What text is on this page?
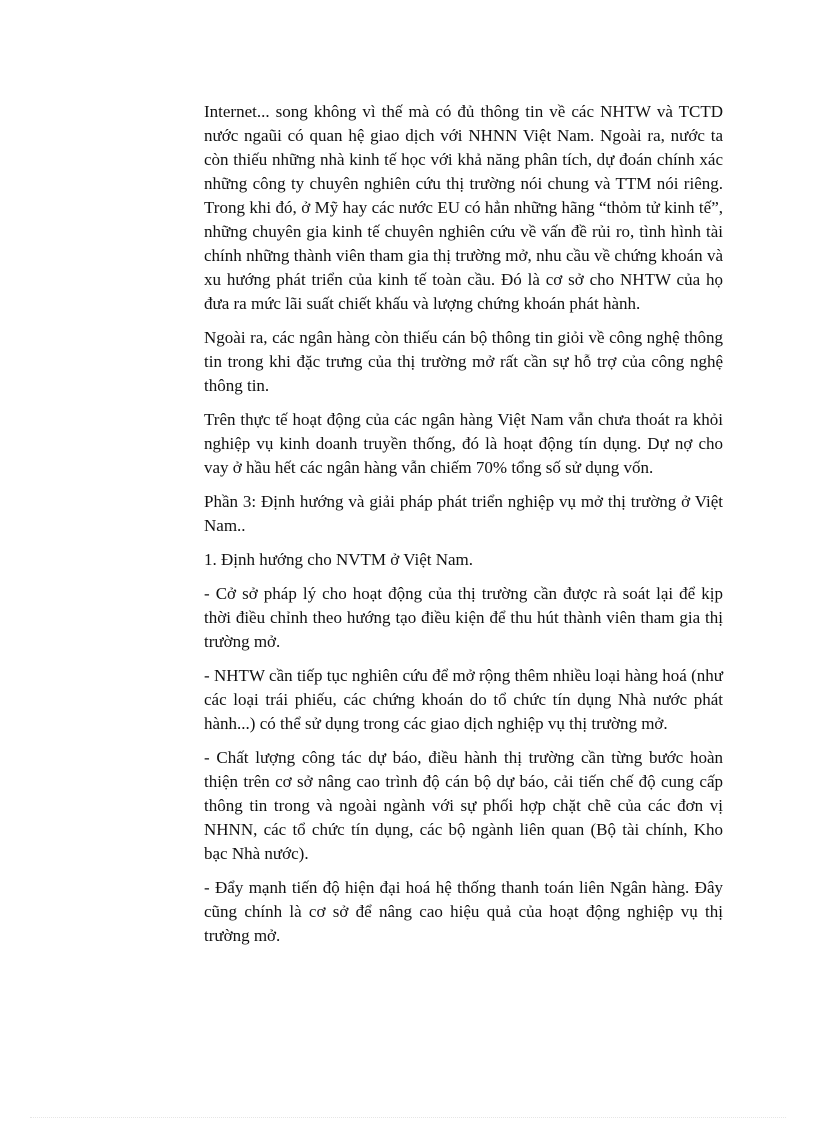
Internet... song không vì thế mà có đủ thông tin về các NHTW và TCTD nước ngaũi có quan hệ giao dịch với NHNN Việt Nam. Ngoài ra, nước ta còn thiếu những nhà kinh tế học với khả năng phân tích, dự đoán chính xác những công ty chuyên nghiên cứu thị trường nói chung và TTM nói riêng. Trong khi đó, ở Mỹ hay các nước EU có hẳn những hãng “thỏm tử kinh tế”, những chuyên gia kinh tế chuyên nghiên cứu về vấn đề rủi ro, tình hình tài chính những thành viên tham gia thị trường mở, nhu cầu về chứng khoán và xu hướng phát triển của kinh tế toàn cầu. Đó là cơ sở cho NHTW của họ đưa ra mức lãi suất chiết khấu và lượng chứng khoán phát hành.

Ngoài ra, các ngân hàng còn thiếu cán bộ thông tin giỏi về công nghệ thông tin trong khi đặc trưng của thị trường mở rất cần sự hỗ trợ của công nghệ thông tin.

Trên thực tế hoạt động của các ngân hàng Việt Nam vẫn chưa thoát ra khỏi nghiệp vụ kinh doanh truyền thống, đó là hoạt động tín dụng. Dự nợ cho vay ở hầu hết các ngân hàng vẫn chiếm 70% tổng số sử dụng vốn.

Phần 3: Định hướng và giải pháp phát triển nghiệp vụ mở thị trường ở Việt Nam..

1. Định hướng cho NVTM ở Việt Nam.

- Cở sở pháp lý cho hoạt động của thị trường cần được rà soát lại để kịp thời điều chỉnh theo hướng tạo điều kiện để thu hút thành viên tham gia thị trường mở.

- NHTW cần tiếp tục nghiên cứu để mở rộng thêm nhiều loại hàng hoá (như các loại trái phiếu, các chứng khoán do tổ chức tín dụng Nhà nước phát hành...) có thể sử dụng trong các giao dịch nghiệp vụ thị trường mở.

- Chất lượng công tác dự báo, điều hành thị trường cần từng bước hoàn thiện trên cơ sở nâng cao trình độ cán bộ dự báo, cải tiến chế độ cung cấp thông tin trong và ngoài ngành với sự phối hợp chặt chẽ của các đơn vị NHNN, các tổ chức tín dụng, các bộ ngành liên quan (Bộ tài chính, Kho bạc Nhà nước).

- Đẩy mạnh tiến độ hiện đại hoá hệ thống thanh toán liên Ngân hàng. Đây cũng chính là cơ sở để nâng cao hiệu quả của hoạt động nghiệp vụ thị trường mở.
